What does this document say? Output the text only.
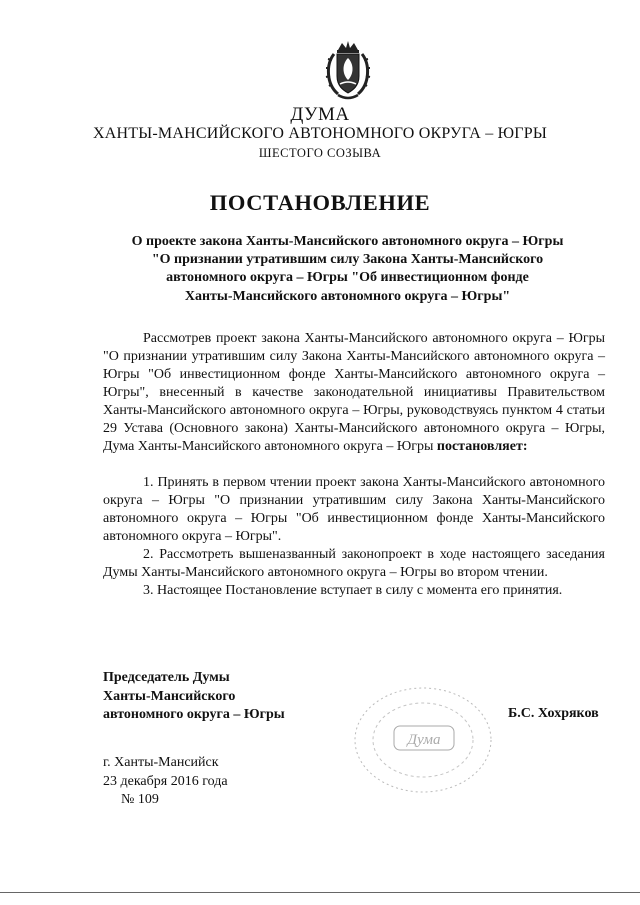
ДУМА
ХАНТЫ-МАНСИЙСКОГО АВТОНОМНОГО ОКРУГА – ЮГРЫ
ШЕСТОГО СОЗЫВА
ПОСТАНОВЛЕНИЕ
О проекте закона Ханты-Мансийского автономного округа – Югры
"О признании утратившим силу Закона Ханты-Мансийского
автономного округа – Югры "Об инвестиционном фонде
Ханты-Мансийского автономного округа – Югры"

Рассмотрев проект закона Ханты-Мансийского автономного округа – Югры "О признании утратившим силу Закона Ханты-Мансийского автономного округа – Югры "Об инвестиционном фонде Ханты-Мансийского автономного округа – Югры", внесенный в качестве законодательной инициативы Правительством Ханты-Мансийского автономного округа – Югры, руководствуясь пунктом 4 статьи 29 Устава (Основного закона) Ханты-Мансийского автономного округа – Югры, Дума Ханты-Мансийского автономного округа – Югры постановляет:

1. Принять в первом чтении проект закона Ханты-Мансийского автономного округа – Югры "О признании утратившим силу Закона Ханты-Мансийского автономного округа – Югры "Об инвестиционном фонде Ханты-Мансийского автономного округа – Югры".

2. Рассмотреть вышеназванный законопроект в ходе настоящего заседания Думы Ханты-Мансийского автономного округа – Югры во втором чтении.

3. Настоящее Постановление вступает в силу с момента его принятия.

Председатель Думы
Ханты-Мансийского
автономного округа – Югры
Дума
Б.С. Хохряков
г. Ханты-Мансийск
23 декабря 2016 года
№ 109
